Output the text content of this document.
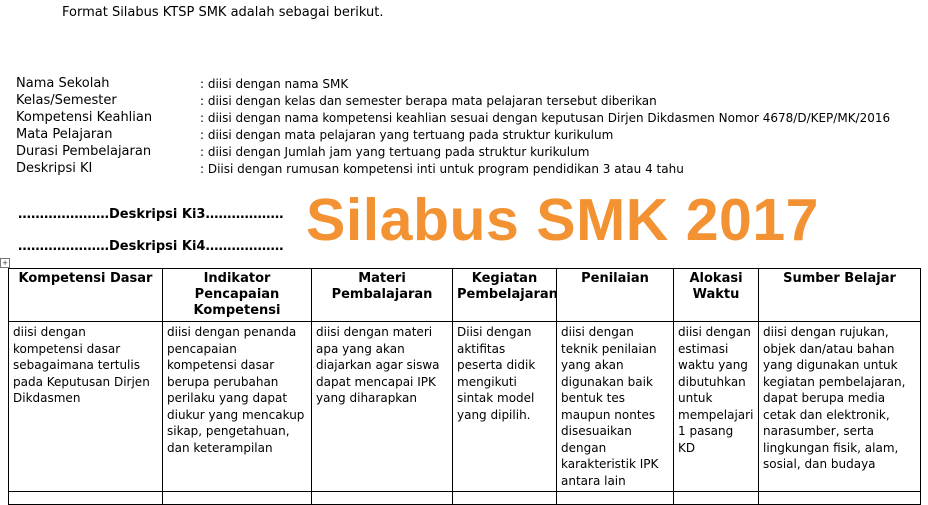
Format Silabus KTSP SMK adalah sebagai berikut.
Nama Sekolah	: diisi dengan nama SMK
Kelas/Semester	: diisi dengan kelas dan semester berapa mata pelajaran tersebut diberikan
Kompetensi Keahlian	: diisi dengan nama kompetensi keahlian sesuai dengan keputusan Dirjen Dikdasmen Nomor 4678/D/KEP/MK/2016
Mata Pelajaran	: diisi dengan mata pelajaran yang tertuang pada struktur kurikulum
Durasi Pembelajaran	: diisi dengan Jumlah jam yang tertuang pada struktur kurikulum
Deskripsi KI	: Diisi dengan rumusan kompetensi inti untuk program pendidikan 3 atau 4 tahu
…………………Deskripsi Ki3………………
…………………Deskripsi Ki4……………… Silabus SMK 2017
+
Kompetensi Dasar	Indikator Pencapaian Kompetensi	Materi Pembalajaran	Kegiatan Pembelajaran	Penilaian	Alokasi Waktu	Sumber Belajar
diisi dengan kompetensi dasar sebagaimana tertulis pada Keputusan Dirjen Dikdasmen	diisi dengan penanda pencapaian kompetensi dasar berupa perubahan perilaku yang dapat diukur yang mencakup sikap, pengetahuan, dan keterampilan	diisi dengan materi apa yang akan diajarkan agar siswa dapat mencapai IPK yang diharapkan	Diisi dengan aktifitas peserta didik mengikuti sintak model yang dipilih.	diisi dengan teknik penilaian yang akan digunakan baik bentuk tes maupun nontes disesuaikan dengan karakteristik IPK antara lain	diisi dengan estimasi waktu yang dibutuhkan untuk mempelajari 1 pasang KD	diisi dengan rujukan, objek dan/atau bahan yang digunakan untuk kegiatan pembelajaran, dapat berupa media cetak dan elektronik, narasumber, serta lingkungan fisik, alam, sosial, dan budaya
